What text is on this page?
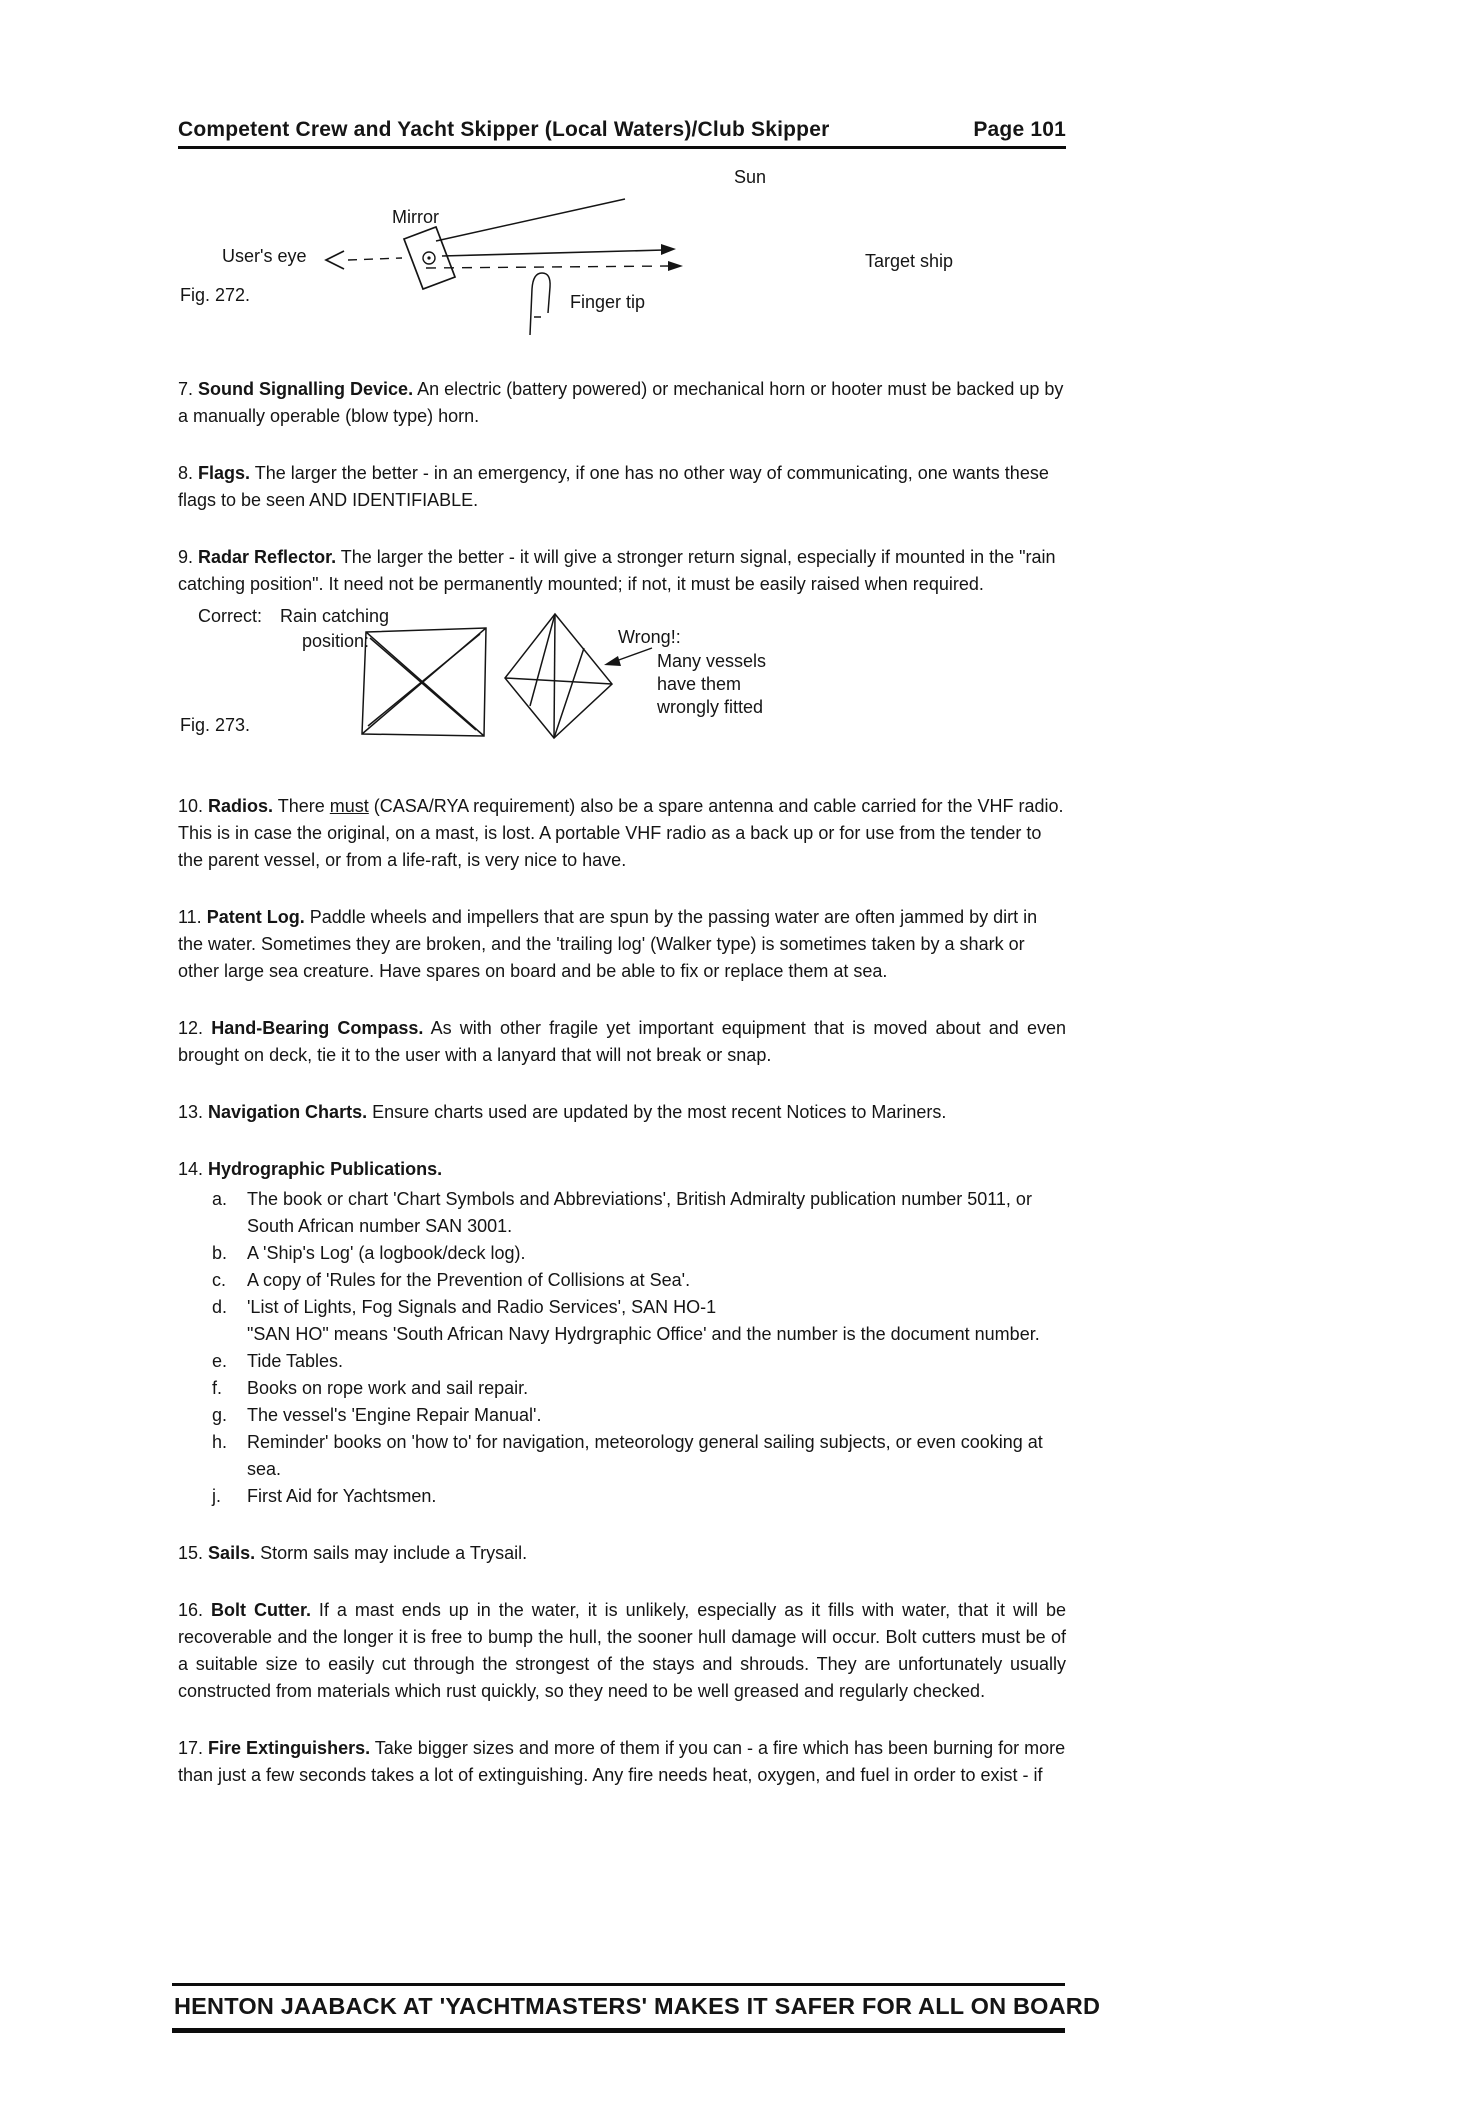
Competent Crew and Yacht Skipper (Local Waters)/Club Skipper	Page 101
Sun
Mirror
User's eye	Target ship
Finger tip
Fig. 272.

7. Sound Signalling Device. An electric (battery powered) or mechanical horn or hooter must be backed up by a manually operable (blow type) horn.

8. Flags. The larger the better - in an emergency, if one has no other way of communicating, one wants these flags to be seen AND IDENTIFIABLE.

9. Radar Reflector. The larger the better - it will give a stronger return signal, especially if mounted in the "rain catching position". It need not be permanently mounted; if not, it must be easily raised when required.

Correct: Rain catching
position:	Wrong!:
Many vessels
have them
wrongly fitted
Fig. 273.

10. Radios. There must (CASA/RYA requirement) also be a spare antenna and cable carried for the VHF radio. This is in case the original, on a mast, is lost. A portable VHF radio as a back up or for use from the tender to the parent vessel, or from a life-raft, is very nice to have.

11. Patent Log. Paddle wheels and impellers that are spun by the passing water are often jammed by dirt in the water. Sometimes they are broken, and the 'trailing log' (Walker type) is sometimes taken by a shark or other large sea creature. Have spares on board and be able to fix or replace them at sea.

12. Hand-Bearing Compass. As with other fragile yet important equipment that is moved about and even brought on deck, tie it to the user with a lanyard that will not break or snap.

13. Navigation Charts. Ensure charts used are updated by the most recent Notices to Mariners.

14. Hydrographic Publications.

a.	The book or chart 'Chart Symbols and Abbreviations', British Admiralty publication number 5011, or South African number SAN 3001.
b.	A 'Ship's Log' (a logbook/deck log).
c.	A copy of 'Rules for the Prevention of Collisions at Sea'.
d.	'List of Lights, Fog Signals and Radio Services', SAN HO-1
"SAN HO" means 'South African Navy Hydrgraphic Office' and the number is the document number.
e.	Tide Tables.
f.	Books on rope work and sail repair.
g.	The vessel's 'Engine Repair Manual'.
h.	Reminder' books on 'how to' for navigation, meteorology general sailing subjects, or even cooking at sea.
j.	First Aid for Yachtsmen.

15. Sails. Storm sails may include a Trysail.

16. Bolt Cutter. If a mast ends up in the water, it is unlikely, especially as it fills with water, that it will be recoverable and the longer it is free to bump the hull, the sooner hull damage will occur. Bolt cutters must be of a suitable size to easily cut through the strongest of the stays and shrouds. They are unfortunately usually constructed from materials which rust quickly, so they need to be well greased and regularly checked.

17. Fire Extinguishers. Take bigger sizes and more of them if you can - a fire which has been burning for more than just a few seconds takes a lot of extinguishing. Any fire needs heat, oxygen, and fuel in order to exist - if

HENTON JAABACK AT 'YACHTMASTERS' MAKES IT SAFER FOR ALL ON BOARD
